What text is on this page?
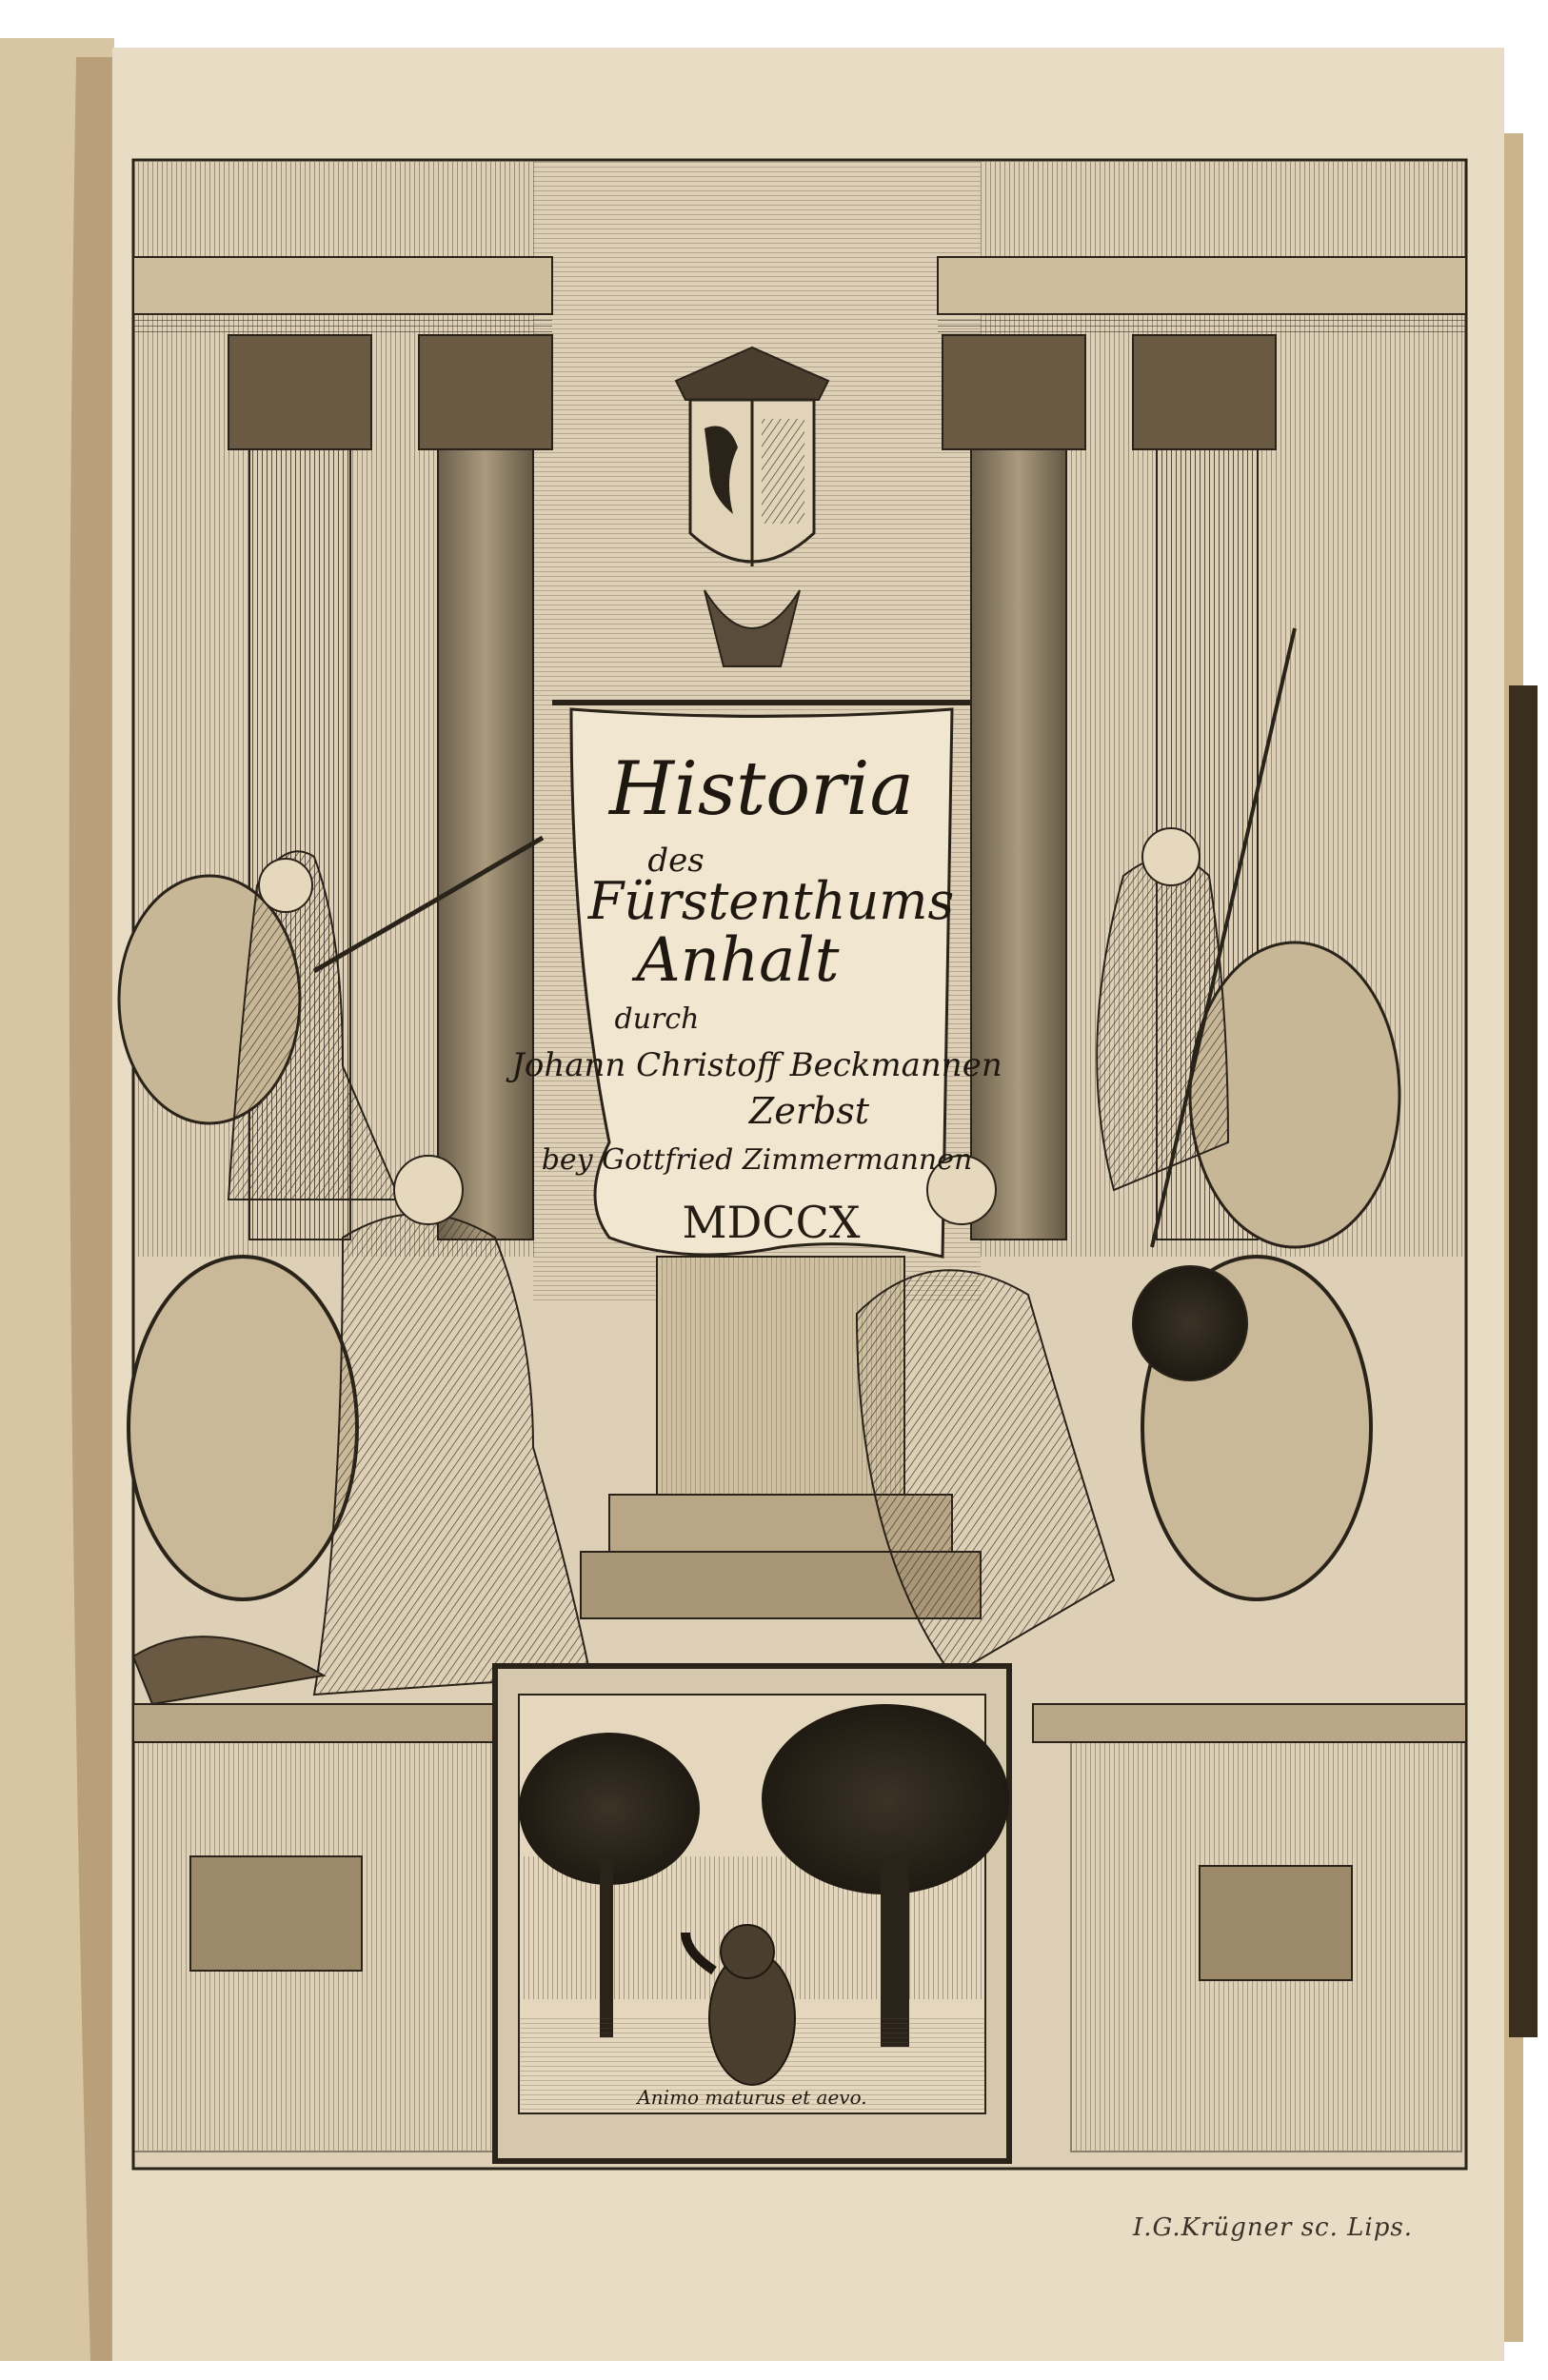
Historia
des
Fürstenthums
Anhalt
durch
Johann Christoff Beckmannen
Zerbst
bey Gottfried Zimmermannen
MDCCX
Animo maturus et aevo.
I.G.Krügner sc. Lips.
